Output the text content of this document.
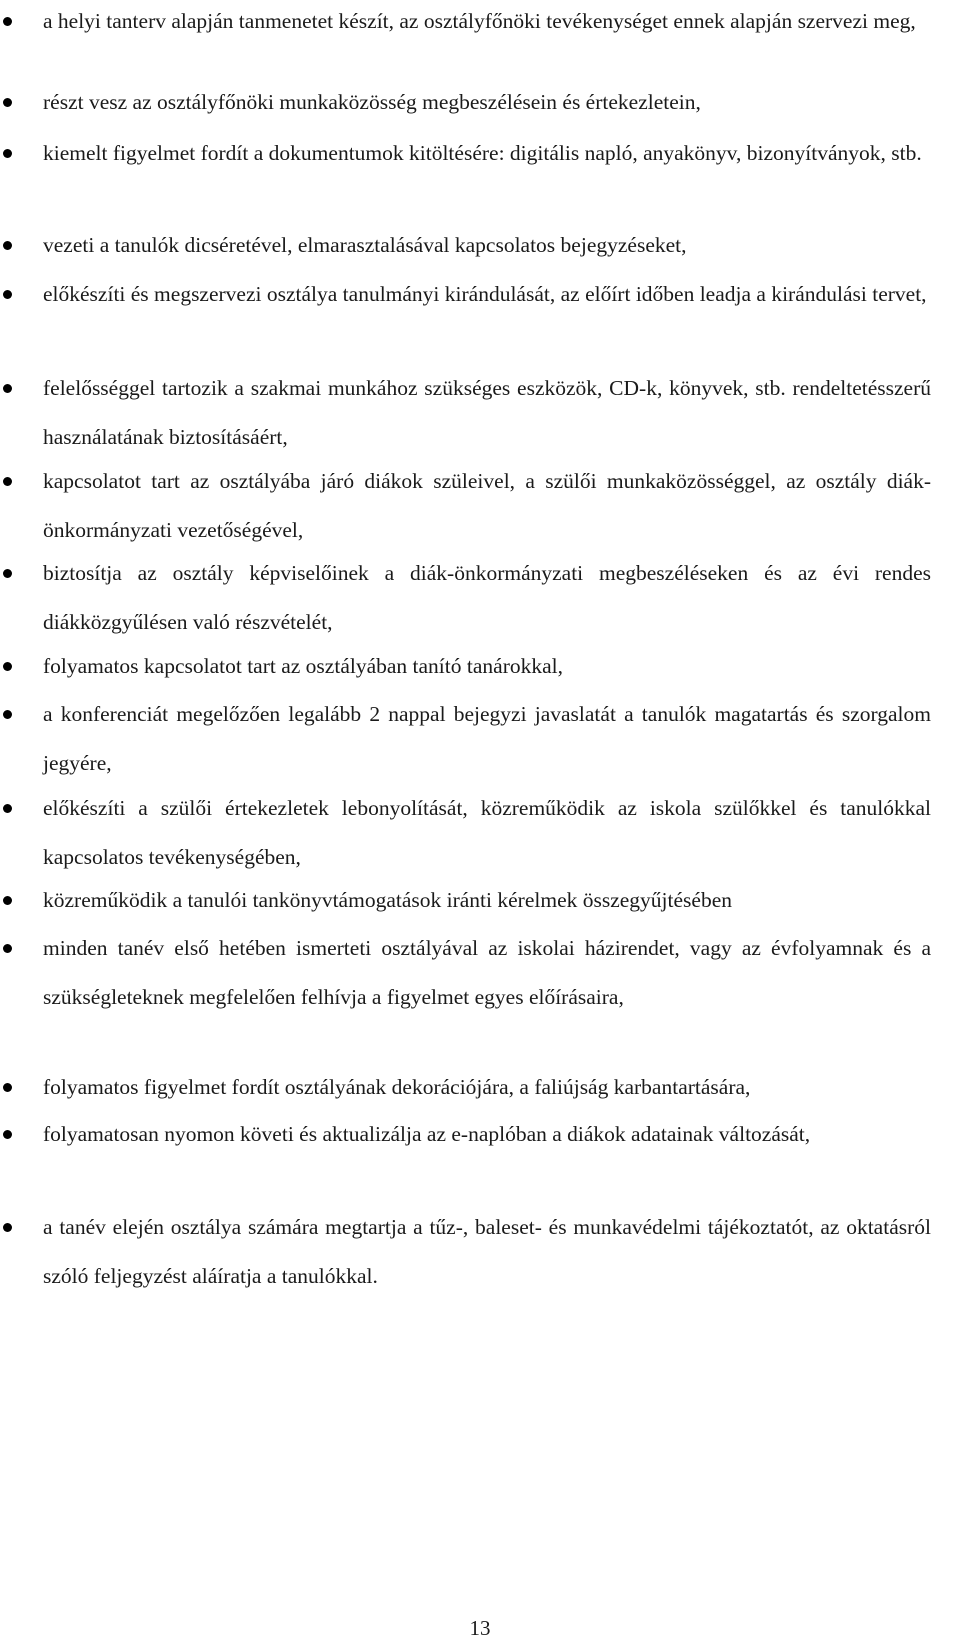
a helyi tanterv alapján tanmenetet készít, az osztályfőnöki tevékenységet ennek alapján szervezi meg,
részt vesz az osztályfőnöki munkaközösség megbeszélésein és értekezletein,
kiemelt figyelmet fordít a dokumentumok kitöltésére: digitális napló, anyakönyv, bizonyítványok, stb.
vezeti a tanulók dicséretével, elmarasztalásával kapcsolatos bejegyzéseket,
előkészíti és megszervezi osztálya tanulmányi kirándulását, az előírt időben leadja a kirándulási tervet,
felelősséggel tartozik a szakmai munkához szükséges eszközök, CD-k, könyvek, stb. rendeltetésszerű használatának biztosításáért,
kapcsolatot tart az osztályába járó diákok szüleivel, a szülői munkaközösséggel, az osztály diák-önkormányzati vezetőségével,
biztosítja az osztály képviselőinek a diák-önkormányzati megbeszéléseken és az évi rendes diákközgyűlésen való részvételét,
folyamatos kapcsolatot tart az osztályában tanító tanárokkal,
a konferenciát megelőzően legalább 2 nappal bejegyzi javaslatát a tanulók magatartás és szorgalom jegyére,
előkészíti a szülői értekezletek lebonyolítását, közreműködik az iskola szülőkkel és tanulókkal kapcsolatos tevékenységében,
közreműködik a tanulói tankönyvtámogatások iránti kérelmek összegyűjtésében
minden tanév első hetében ismerteti osztályával az iskolai házirendet, vagy az évfolyamnak és a szükségleteknek megfelelően felhívja a figyelmet egyes előírásaira,
folyamatos figyelmet fordít osztályának dekorációjára, a faliújság karbantartására,
folyamatosan nyomon követi és aktualizálja az e-naplóban a diákok adatainak változását,
a tanév elején osztálya számára megtartja a tűz-, baleset- és munkavédelmi tájékoztatót, az oktatásról szóló feljegyzést aláíratja a tanulókkal.
13
